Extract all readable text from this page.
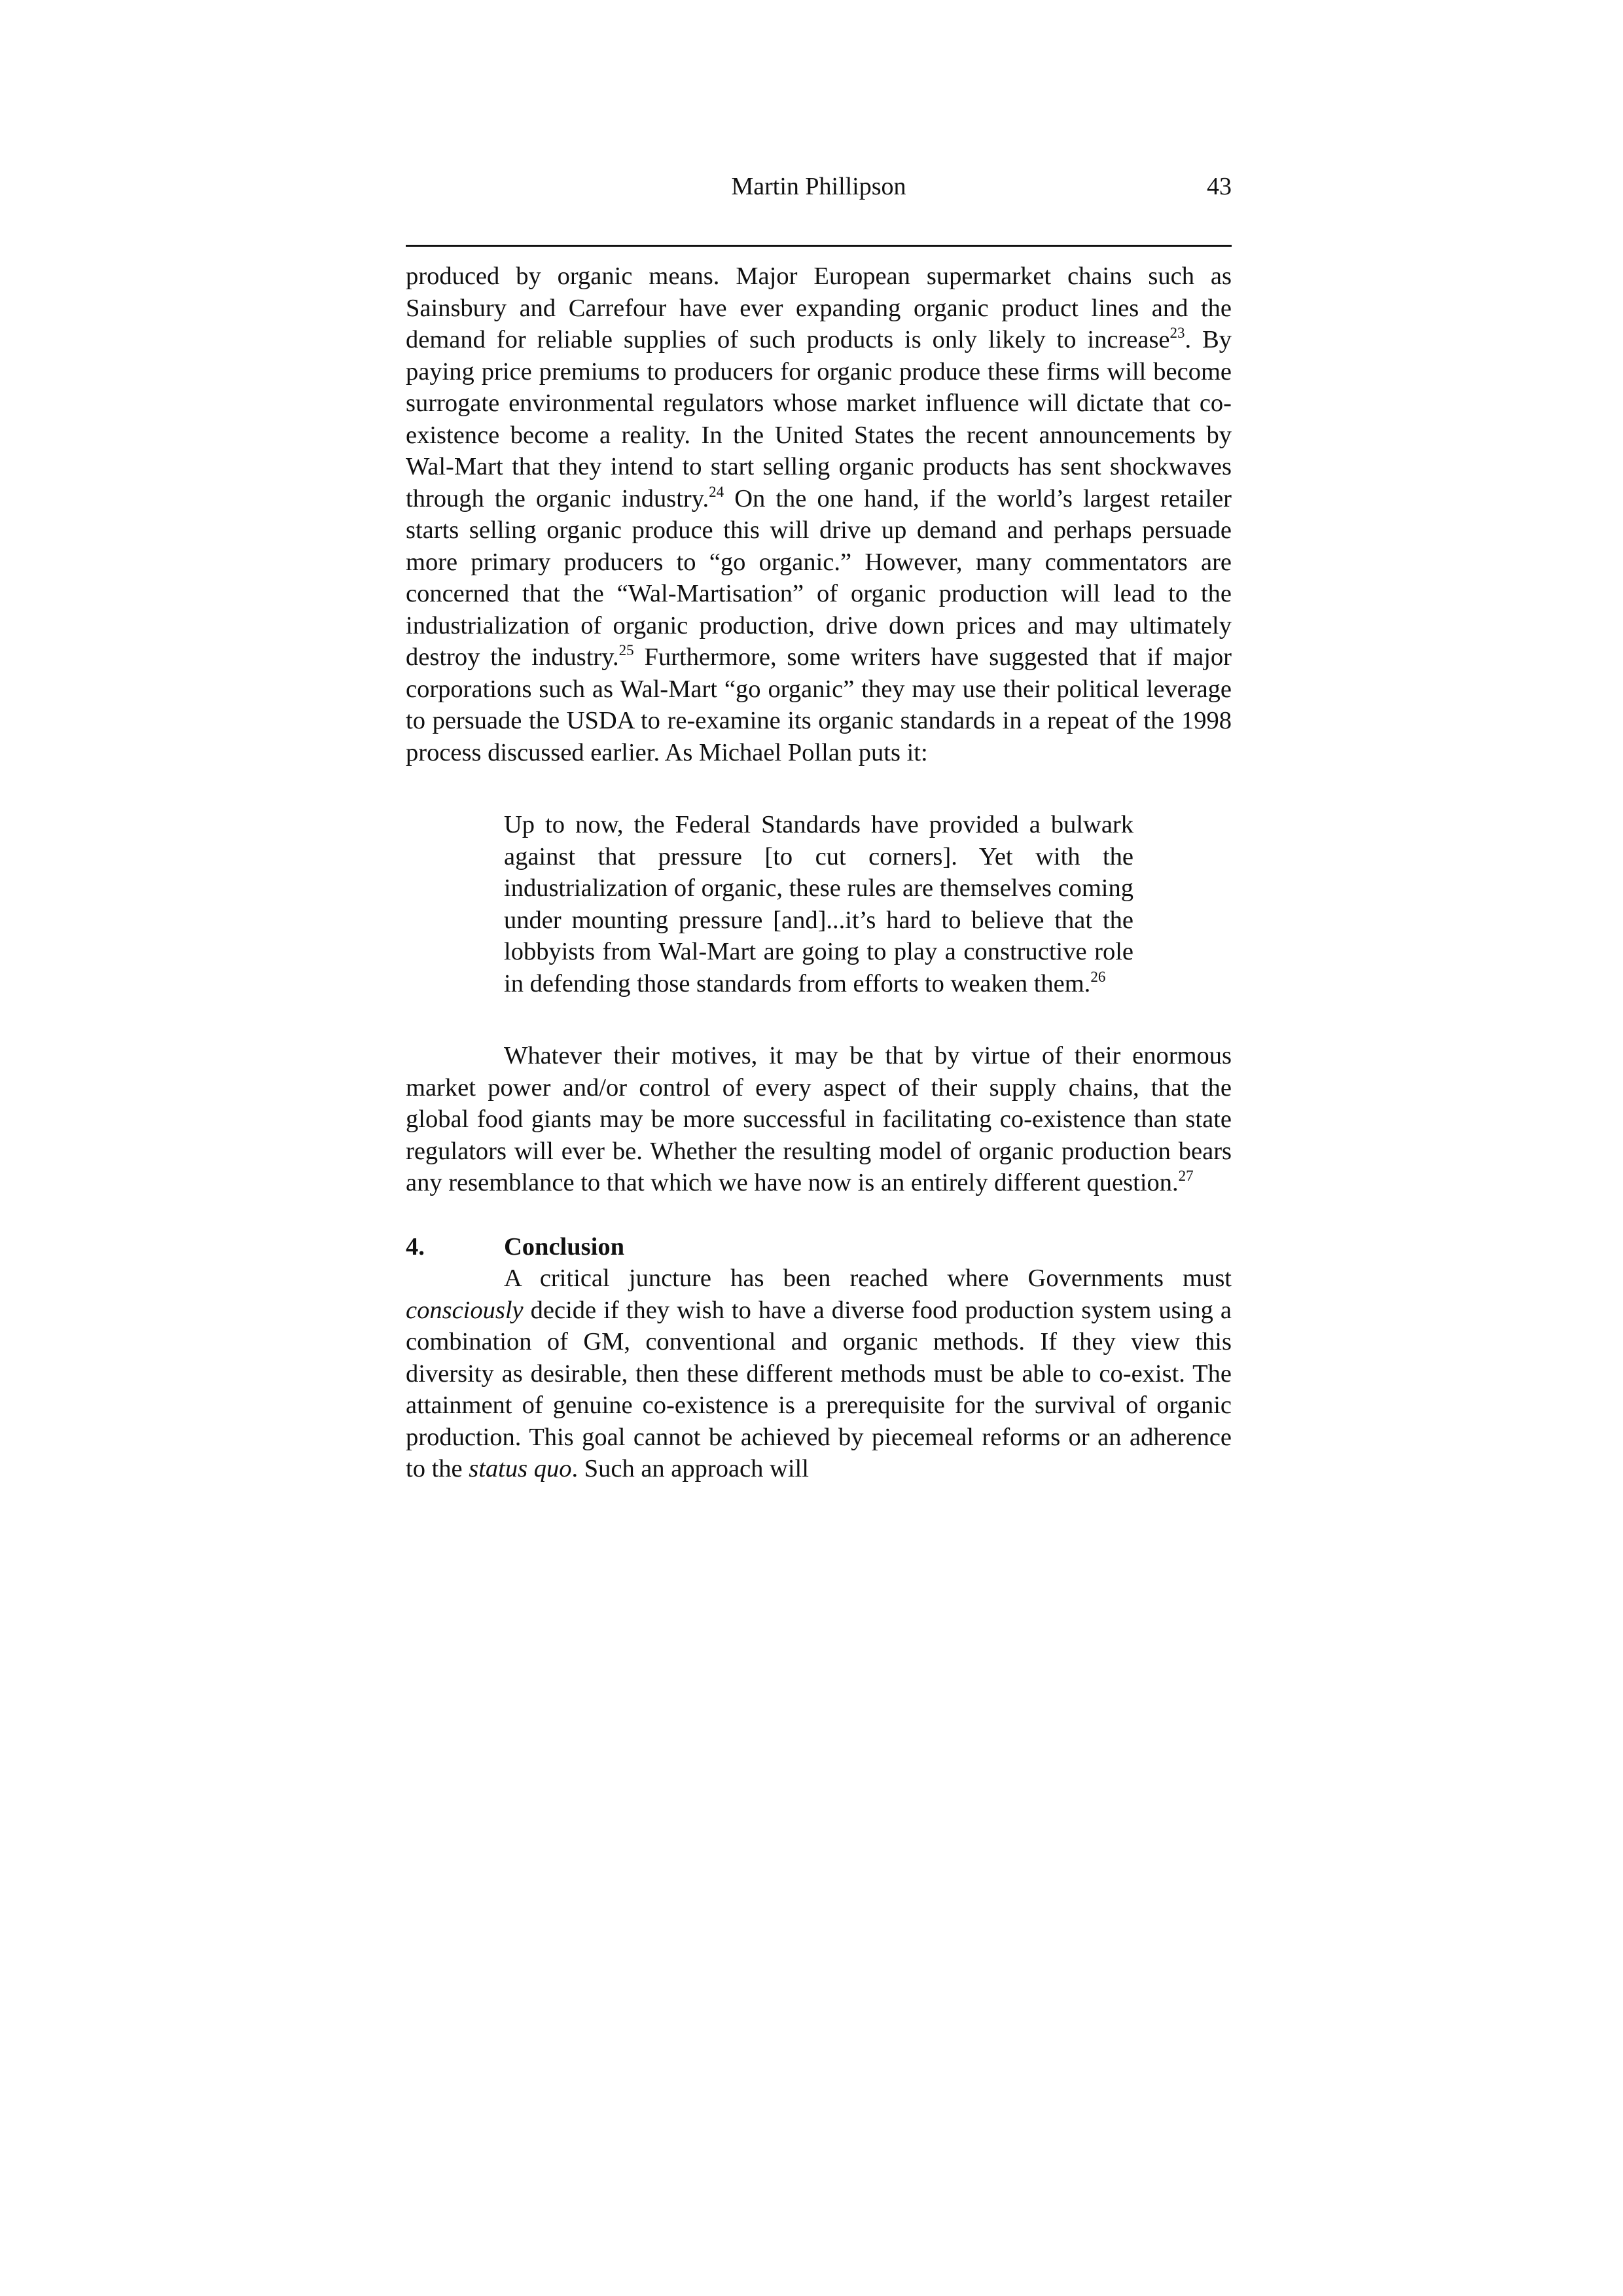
Martin Phillipson	43

produced by organic means. Major European supermarket chains such as Sainsbury and Carrefour have ever expanding organic product lines and the demand for reliable supplies of such products is only likely to increase$^{23}$. By paying price premiums to producers for organic produce these firms will become surrogate environmental regulators whose market influence will dictate that co-existence become a reality. In the United States the recent announcements by Wal-Mart that they intend to start selling organic products has sent shockwaves through the organic industry.$^{24}$ On the one hand, if the world’s largest retailer starts selling organic produce this will drive up demand and perhaps persuade more primary producers to “go organic.” However, many commentators are concerned that the “Wal-Martisation” of organic production will lead to the industrialization of organic production, drive down prices and may ultimately destroy the industry.$^{25}$ Furthermore, some writers have suggested that if major corporations such as Wal-Mart “go organic” they may use their political leverage to persuade the USDA to re-examine its organic standards in a repeat of the 1998 process discussed earlier. As Michael Pollan puts it:

Up to now, the Federal Standards have provided a bulwark against that pressure [to cut corners]. Yet with the industrialization of organic, these rules are themselves coming under mounting pressure [and]...it’s hard to believe that the lobbyists from Wal-Mart are going to play a constructive role in defending those standards from efforts to weaken them.$^{26}$

Whatever their motives, it may be that by virtue of their enormous market power and/or control of every aspect of their supply chains, that the global food giants may be more successful in facilitating co-existence than state regulators will ever be. Whether the resulting model of organic production bears any resemblance to that which we have now is an entirely different question.$^{27}$

4.	Conclusion

A critical juncture has been reached where Governments must consciously decide if they wish to have a diverse food production system using a combination of GM, conventional and organic methods. If they view this diversity as desirable, then these different methods must be able to co-exist. The attainment of genuine co-existence is a prerequisite for the survival of organic production. This goal cannot be achieved by piecemeal reforms or an adherence to the status quo. Such an approach will
